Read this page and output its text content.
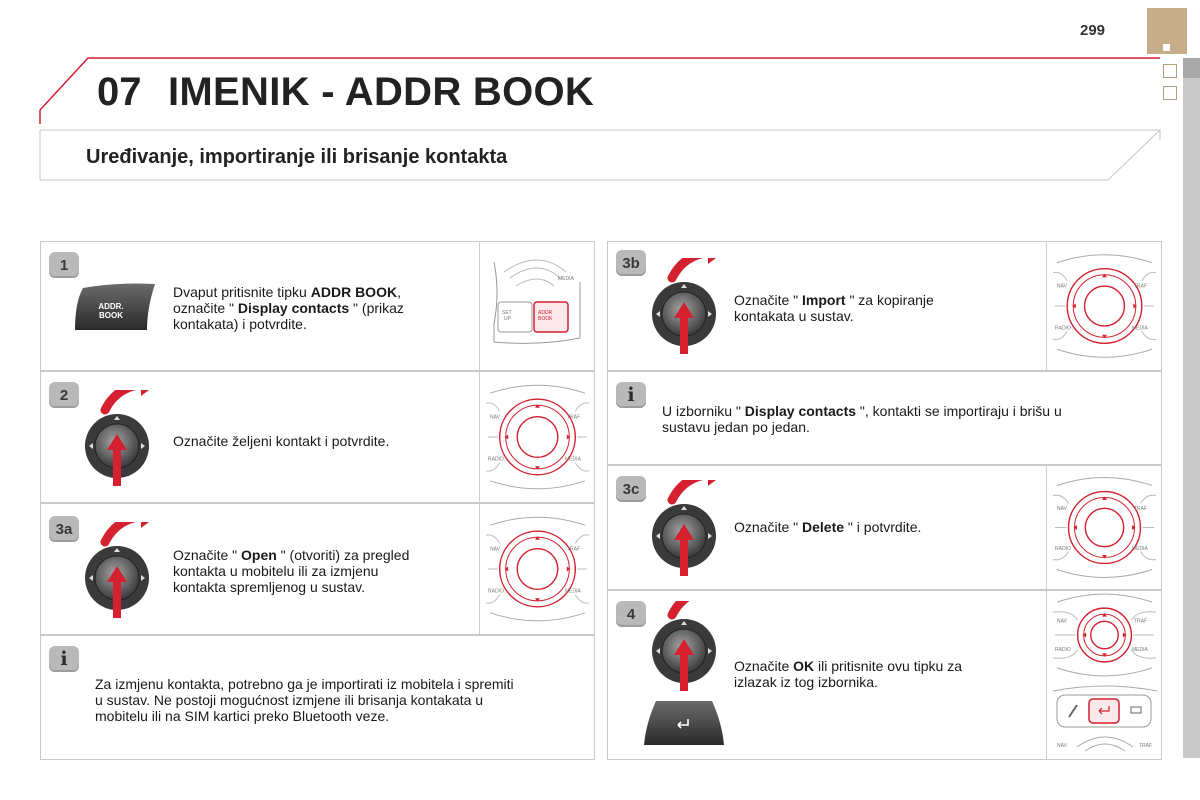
299
07 IMENIK - ADDR BOOK
Uređivanje, importiranje ili brisanje kontakta
1
ADDR.
BOOK
Dvaput pritisnite tipku ADDR BOOK,
označite " Display contacts " (prikaz
kontakata) i potvrdite.
MEDIA
SET
UP
ADDR
BOOK
2
Označite željeni kontakt i potvrdite.
NAV	TRAF
RADIO	MEDIA
3a
Označite " Open " (otvoriti) za pregled
kontakta u mobitelu ili za izmjenu
kontakta spremljenog u sustav.
NAV	TRAF
RADIO	MEDIA
i
Za izmjenu kontakta, potrebno ga je importirati iz mobitela i spremiti
u sustav. Ne postoji mogućnost izmjene ili brisanja kontakata u
mobitelu ili na SIM kartici preko Bluetooth veze.
3b
Označite " Import " za kopiranje
kontakata u sustav.
NAV	TRAF
RADIO	MEDIA
i
U izborniku " Display contacts ", kontakti se importiraju i brišu u
sustavu jedan po jedan.
3c
Označite " Delete " i potvrdite.
NAV	TRAF
RADIO	MEDIA
4
Označite OK ili pritisnite ovu tipku za
izlazak iz tog izbornika.
NAV	TRAF
RADIO	MEDIA
NAV	TRAF
